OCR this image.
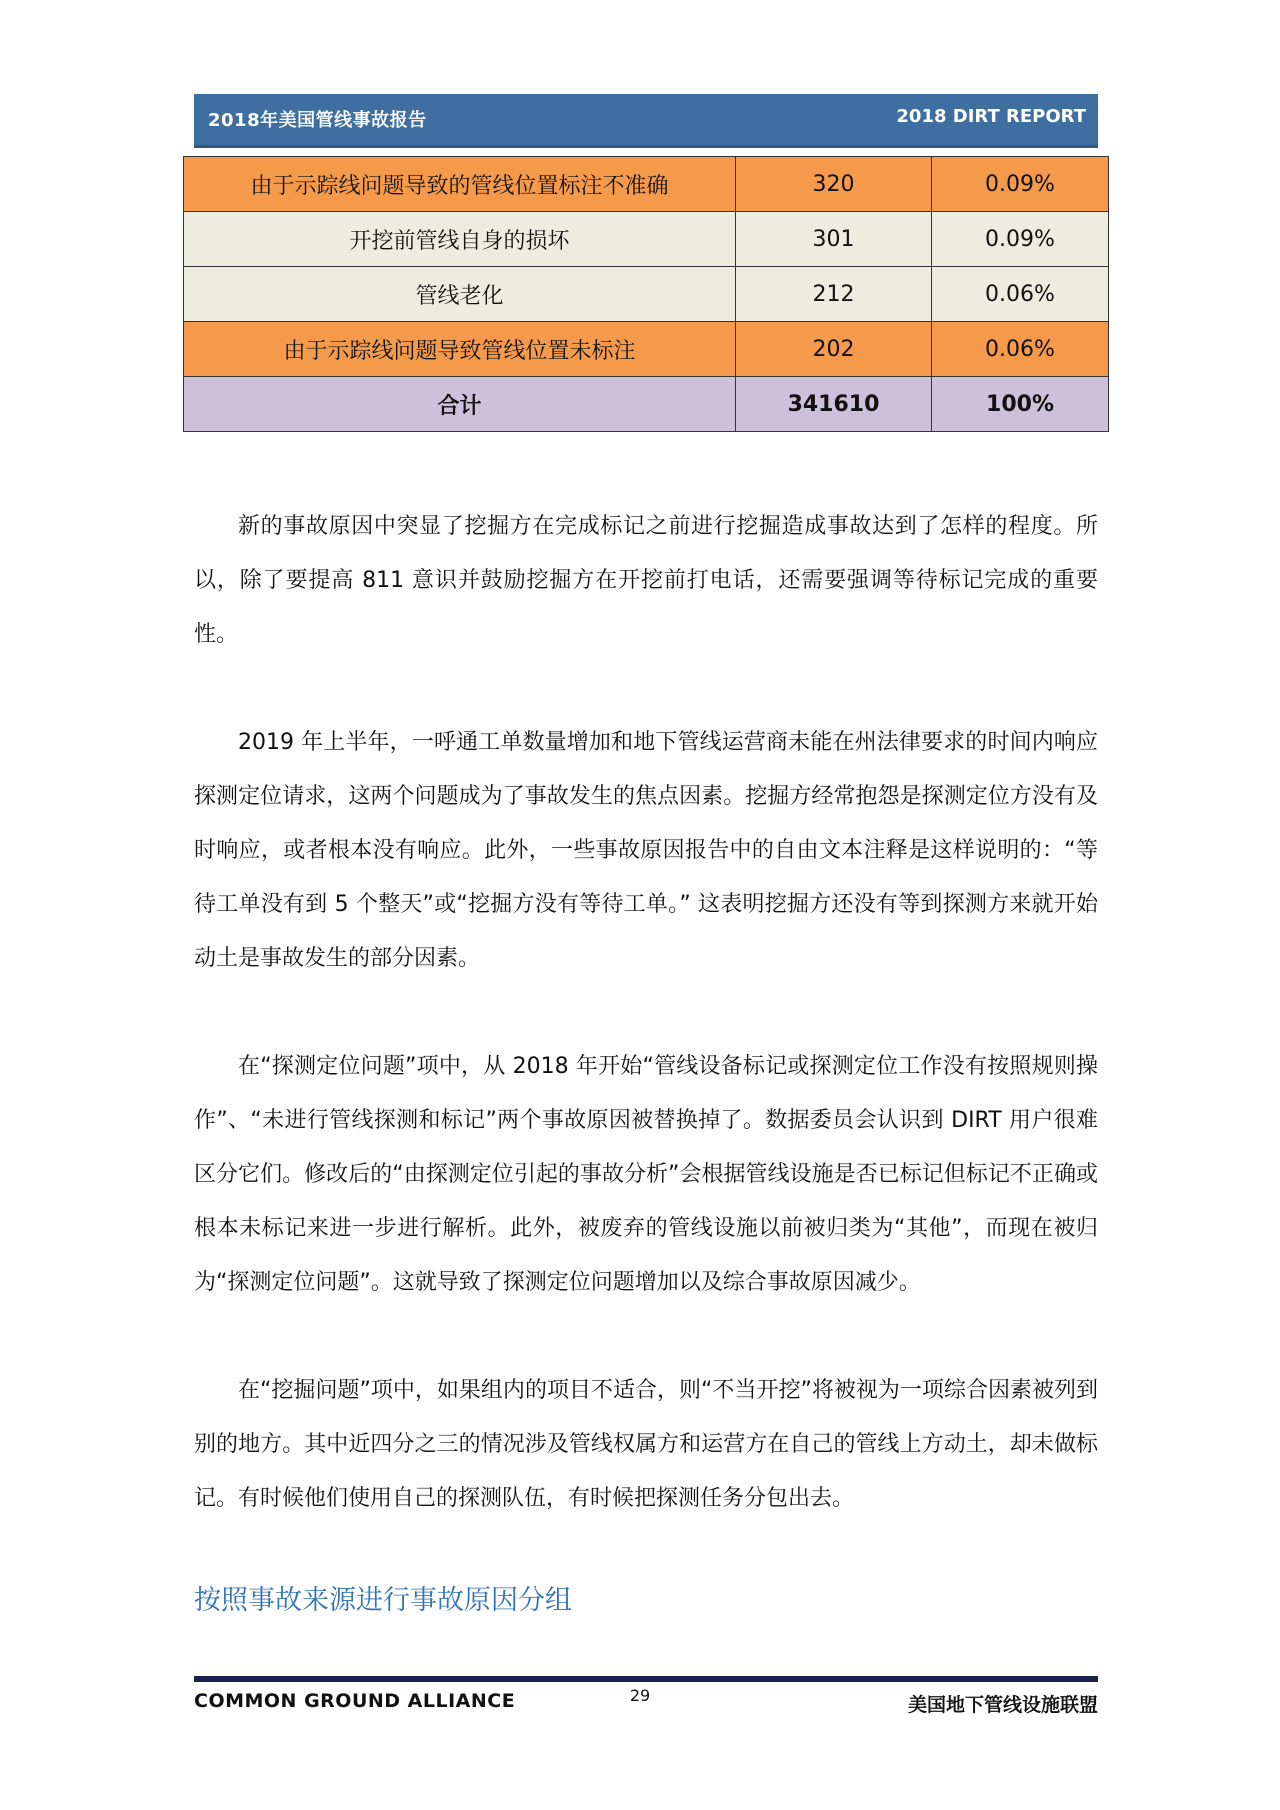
2018年美国管线事故报告	2018 DIRT REPORT
由于示踪线问题导致的管线位置标注不准确	320	0.09%
开挖前管线自身的损坏	301	0.09%
管线老化	212	0.06%
由于示踪线问题导致管线位置未标注	202	0.06%
合计	341610	100%

新的事故原因中突显了挖掘方在完成标记之前进行挖掘造成事故达到了怎样的程度。所以，除了要提高 811 意识并鼓励挖掘方在开挖前打电话，还需要强调等待标记完成的重要性。

2019 年上半年，一呼通工单数量增加和地下管线运营商未能在州法律要求的时间内响应探测定位请求，这两个问题成为了事故发生的焦点因素。挖掘方经常抱怨是探测定位方没有及时响应，或者根本没有响应。此外，一些事故原因报告中的自由文本注释是这样说明的：“等待工单没有到 5 个整天”或“挖掘方没有等待工单。” 这表明挖掘方还没有等到探测方来就开始动土是事故发生的部分因素。

在“探测定位问题”项中，从 2018 年开始“管线设备标记或探测定位工作没有按照规则操作”、“未进行管线探测和标记”两个事故原因被替换掉了。数据委员会认识到 DIRT 用户很难区分它们。修改后的“由探测定位引起的事故分析”会根据管线设施是否已标记但标记不正确或根本未标记来进一步进行解析。此外，被废弃的管线设施以前被归类为“其他”，而现在被归为“探测定位问题”。这就导致了探测定位问题增加以及综合事故原因减少。

在“挖掘问题”项中，如果组内的项目不适合，则“不当开挖”将被视为一项综合因素被列到别的地方。其中近四分之三的情况涉及管线权属方和运营方在自己的管线上方动土，却未做标记。有时候他们使用自己的探测队伍，有时候把探测任务分包出去。

按照事故来源进行事故原因分组
COMMON GROUND ALLIANCE	29	美国地下管线设施联盟
